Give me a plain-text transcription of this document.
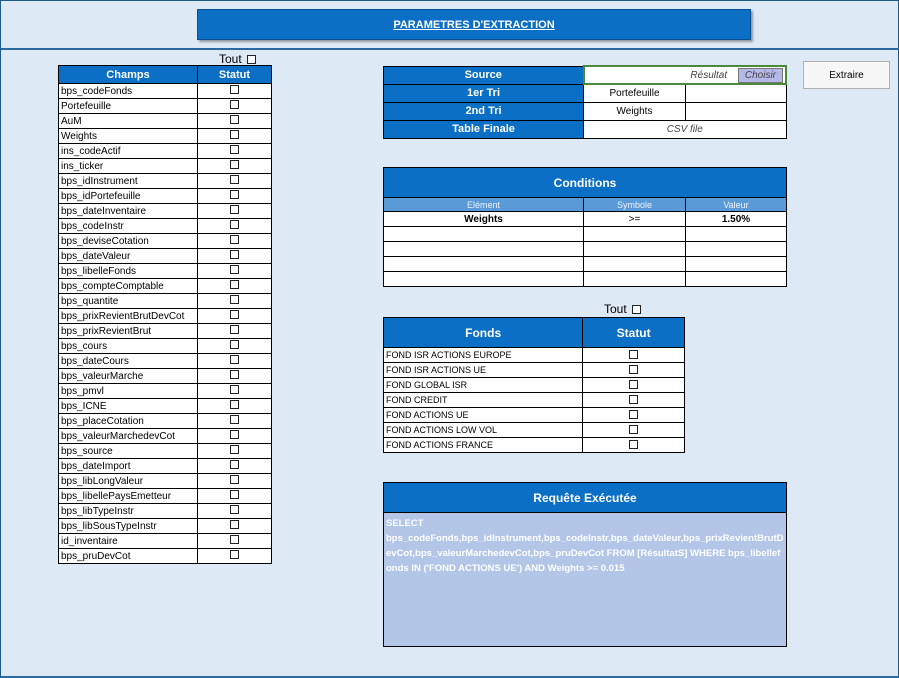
PARAMETRES D'EXTRACTION
Tout
Champs	Statut
bps_codeFonds	
Portefeuille	
AuM	
Weights	
ins_codeActif	
ins_ticker	
bps_idInstrument	
bps_idPortefeuille	
bps_dateInventaire	
bps_codeInstr	
bps_deviseCotation	
bps_dateValeur	
bps_libelleFonds	
bps_compteComptable	
bps_quantite	
bps_prixRevientBrutDevCot	
bps_prixRevientBrut	
bps_cours	
bps_dateCours	
bps_valeurMarche	
bps_pmvl	
bps_ICNE	
bps_placeCotation	
bps_valeurMarchedevCot	
bps_source	
bps_dateImport	
bps_libLongValeur	
bps_libellePaysEmetteur	
bps_libTypeInstr	
bps_libSousTypeInstr	
id_inventaire	
bps_pruDevCot	
Source	Résultat Choisir	
1er Tri	Portefeuille	
2nd Tri	Weights	
Table Finale	CSV file	
Extraire
Conditions		
Elément	Symbole	Valeur
Weights	>=	1.50%

Tout
Fonds	Statut
FOND ISR ACTIONS EUROPE	
FOND ISR ACTIONS UE	
FOND GLOBAL ISR	
FOND CREDIT	
FOND ACTIONS UE	
FOND ACTIONS LOW VOL	
FOND ACTIONS FRANCE	
Requête Exécutée
SELECT
bps_codeFonds,bps_idInstrument,bps_codeInstr,bps_dateValeur,bps_prixRevientBrutDevCot,bps_valeurMarchedevCot,bps_pruDevCot FROM [RésultatS] WHERE bps_libellefonds IN ('FOND ACTIONS UE') AND Weights >= 0.015
